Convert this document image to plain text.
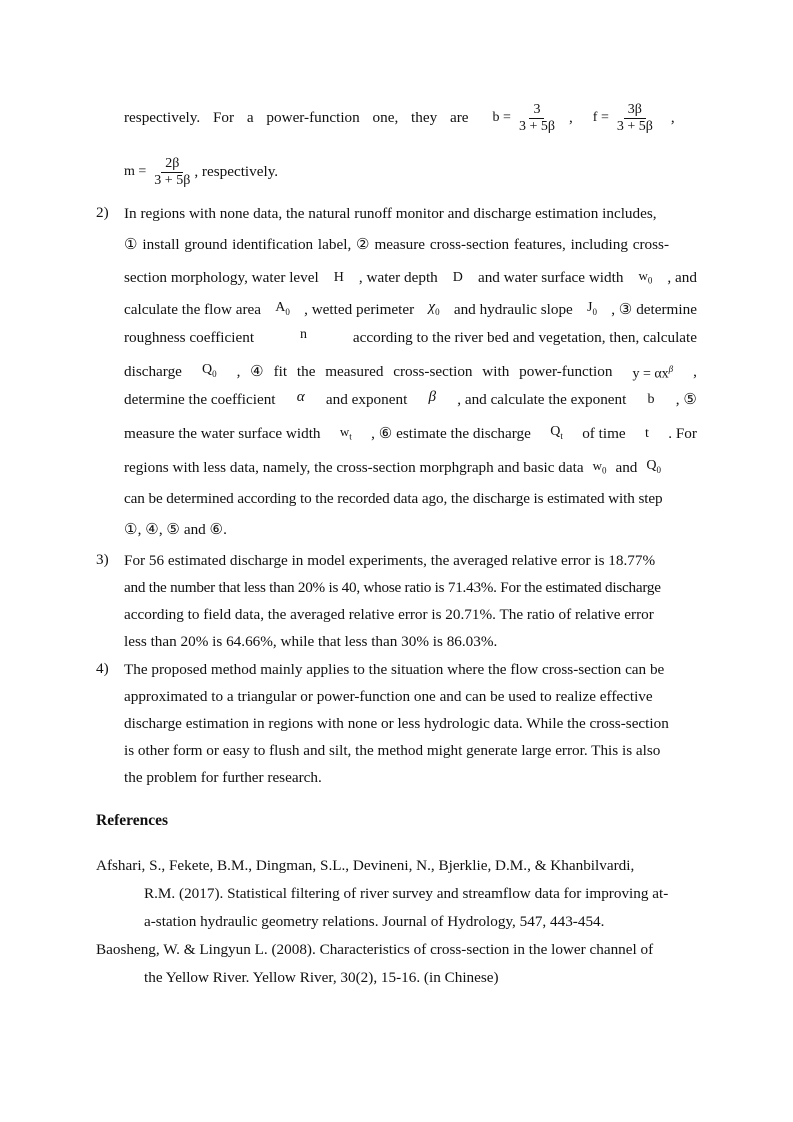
respectively. For a power-function one, they are $b = \frac{3}{3 + 5\beta}$ , $f = \frac{3\beta}{3 + 5\beta}$ ,
$m = \frac{2\beta}{3 + 5\beta}$ , respectively.
2) In regions with none data, the natural runoff monitor and discharge estimation includes,
① install ground identification label, ② measure cross-section features, including cross-
section morphology, water level H , water depth D and water surface width $w_0$ , and
calculate the flow area $A_0$ , wetted perimeter $\chi_0$ and hydraulic slope $J_0$ , ③ determine
roughness coefficient	n	according to the river bed and vegetation, then, calculate
discharge $Q_0$ , ④ fit the measured cross-section with power-function $y = \alpha x^\beta$ ,
determine the coefficient α and exponent β , and calculate the exponent b , ⑤
measure the water surface width $w_t$ , ⑥ estimate the discharge $Q_t$ of time t . For
regions with less data, namely, the cross-section morphgraph and basic data $w_0$ and $Q_0$
can be determined according to the recorded data ago, the discharge is estimated with step
①, ④, ⑤ and ⑥.
3) For 56 estimated discharge in model experiments, the averaged relative error is 18.77%
and the number that less than 20% is 40, whose ratio is 71.43%. For the estimated discharge
according to field data, the averaged relative error is 20.71%. The ratio of relative error
less than 20% is 64.66%, while that less than 30% is 86.03%.
4) The proposed method mainly applies to the situation where the flow cross-section can be
approximated to a triangular or power-function one and can be used to realize effective
discharge estimation in regions with none or less hydrologic data. While the cross-section
is other form or easy to flush and silt, the method might generate large error. This is also
the problem for further research.
References
Afshari, S., Fekete, B.M., Dingman, S.L., Devineni, N., Bjerklie, D.M., & Khanbilvardi,
R.M. (2017). Statistical filtering of river survey and streamflow data for improving at-
a-station hydraulic geometry relations. Journal of Hydrology, 547, 443-454.
Baosheng, W. & Lingyun L. (2008). Characteristics of cross-section in the lower channel of
the Yellow River. Yellow River, 30(2), 15-16. (in Chinese)
